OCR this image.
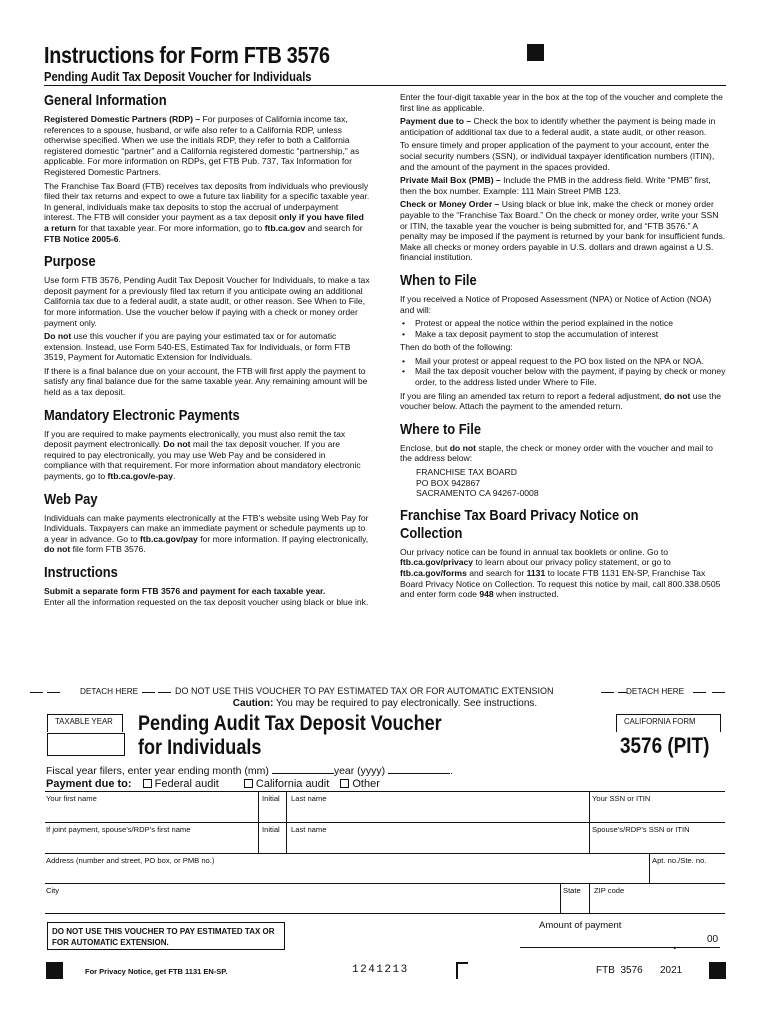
Instructions for Form FTB 3576
Pending Audit Tax Deposit Voucher for Individuals
General Information

Registered Domestic Partners (RDP) – For purposes of California income tax, references to a spouse, husband, or wife also refer to a California RDP, unless otherwise specified. When we use the initials RDP, they refer to both a California registered domestic “partner” and a California registered domestic “partnership,” as applicable. For more information on RDPs, get FTB Pub. 737, Tax Information for Registered Domestic Partners.

The Franchise Tax Board (FTB) receives tax deposits from individuals who previously filed their tax returns and expect to owe a future tax liability for a specific taxable year. In general, individuals make tax deposits to stop the accrual of underpayment interest. The FTB will consider your payment as a tax deposit only if you have filed a return for that taxable year. For more information, go to ftb.ca.gov and search for FTB Notice 2005-6.

Purpose

Use form FTB 3576, Pending Audit Tax Deposit Voucher for Individuals, to make a tax deposit payment for a previously filed tax return if you anticipate owing an additional California tax due to a federal audit, a state audit, or other reason. See When to File, for more information. Use the voucher below if paying with a check or money order payment only.

Do not use this voucher if you are paying your estimated tax or for automatic extension. Instead, use Form 540-ES, Estimated Tax for Individuals, or form FTB 3519, Payment for Automatic Extension for Individuals.

If there is a final balance due on your account, the FTB will first apply the payment to satisfy any final balance due for the same taxable year. Any remaining amount will be held as a tax deposit.

Mandatory Electronic Payments

If you are required to make payments electronically, you must also remit the tax deposit payment electronically. Do not mail the tax deposit voucher. If you are required to pay electronically, you may use Web Pay and be considered in compliance with that requirement. For more information about mandatory electronic payments, go to ftb.ca.gov/e-pay.

Web Pay

Individuals can make payments electronically at the FTB’s website using Web Pay for Individuals. Taxpayers can make an immediate payment or schedule payments up to a year in advance. Go to ftb.ca.gov/pay for more information. If paying electronically, do not file form FTB 3576.

Instructions

Submit a separate form FTB 3576 and payment for each taxable year.

Enter all the information requested on the tax deposit voucher using black or blue ink.

Enter the four-digit taxable year in the box at the top of the voucher and complete the first line as applicable.

Payment due to – Check the box to identify whether the payment is being made in anticipation of additional tax due to a federal audit, a state audit, or other reason.

To ensure timely and proper application of the payment to your account, enter the social security numbers (SSN), or individual taxpayer identification numbers (ITIN), and the amount of the payment in the spaces provided.

Private Mail Box (PMB) – Include the PMB in the address field. Write “PMB” first, then the box number. Example: 111 Main Street PMB 123.

Check or Money Order – Using black or blue ink, make the check or money order payable to the “Franchise Tax Board.” On the check or money order, write your SSN or ITIN, the taxable year the voucher is being submitted for, and “FTB 3576.” A penalty may be imposed if the payment is returned by your bank for insufficient funds. Make all checks or money orders payable in U.S. dollars and drawn against a U.S. financial institution.

When to File

If you received a Notice of Proposed Assessment (NPA) or Notice of Action (NOA) and will:

• Protest or appeal the notice within the period explained in the notice
• Make a tax deposit payment to stop the accumulation of interest

Then do both of the following:

• Mail your protest or appeal request to the PO box listed on the NPA or NOA.
• Mail the tax deposit voucher below with the payment, if paying by check or money order, to the address listed under Where to File.

If you are filing an amended tax return to report a federal adjustment, do not use the voucher below. Attach the payment to the amended return.

Where to File

Enclose, but do not staple, the check or money order with the voucher and mail to the address below:

FRANCHISE TAX BOARD
PO BOX 942867
SACRAMENTO CA 94267-0008
Franchise Tax Board Privacy Notice on Collection

Our privacy notice can be found in annual tax booklets or online. Go to ftb.ca.gov/privacy to learn about our privacy policy statement, or go to ftb.ca.gov/forms and search for 1131 to locate FTB 1131 EN-SP, Franchise Tax Board Privacy Notice on Collection. To request this notice by mail, call 800.338.0505 and enter form code 948 when instructed.

DETACH HERE	DO NOT USE THIS VOUCHER TO PAY ESTIMATED TAX OR FOR AUTOMATIC EXTENSION	DETACH HERE
Caution: You may be required to pay electronically. See instructions.
TAXABLE YEAR Pending Audit Tax Deposit Voucher
for Individuals
CALIFORNIA FORM
3576 (PIT)
Fiscal year filers, enter year ending month (mm)	year (yyyy)	.
Payment due to: Federal audit	California audit Other
Your first name	Initial Last name	Your SSN or ITIN
If joint payment, spouse’s/RDP’s first name	Initial Last name	Spouse’s/RDP’s SSN or ITIN
Address (number and street, PO box, or PMB no.)	Apt. no./Ste. no.
City	State ZIP code
DO NOT USE THIS VOUCHER TO PAY ESTIMATED TAX OR FOR AUTOMATIC EXTENSION.
Amount of payment
.	00
For Privacy Notice, get FTB 1131 EN-SP.	1241213	FTB  3576 2021
